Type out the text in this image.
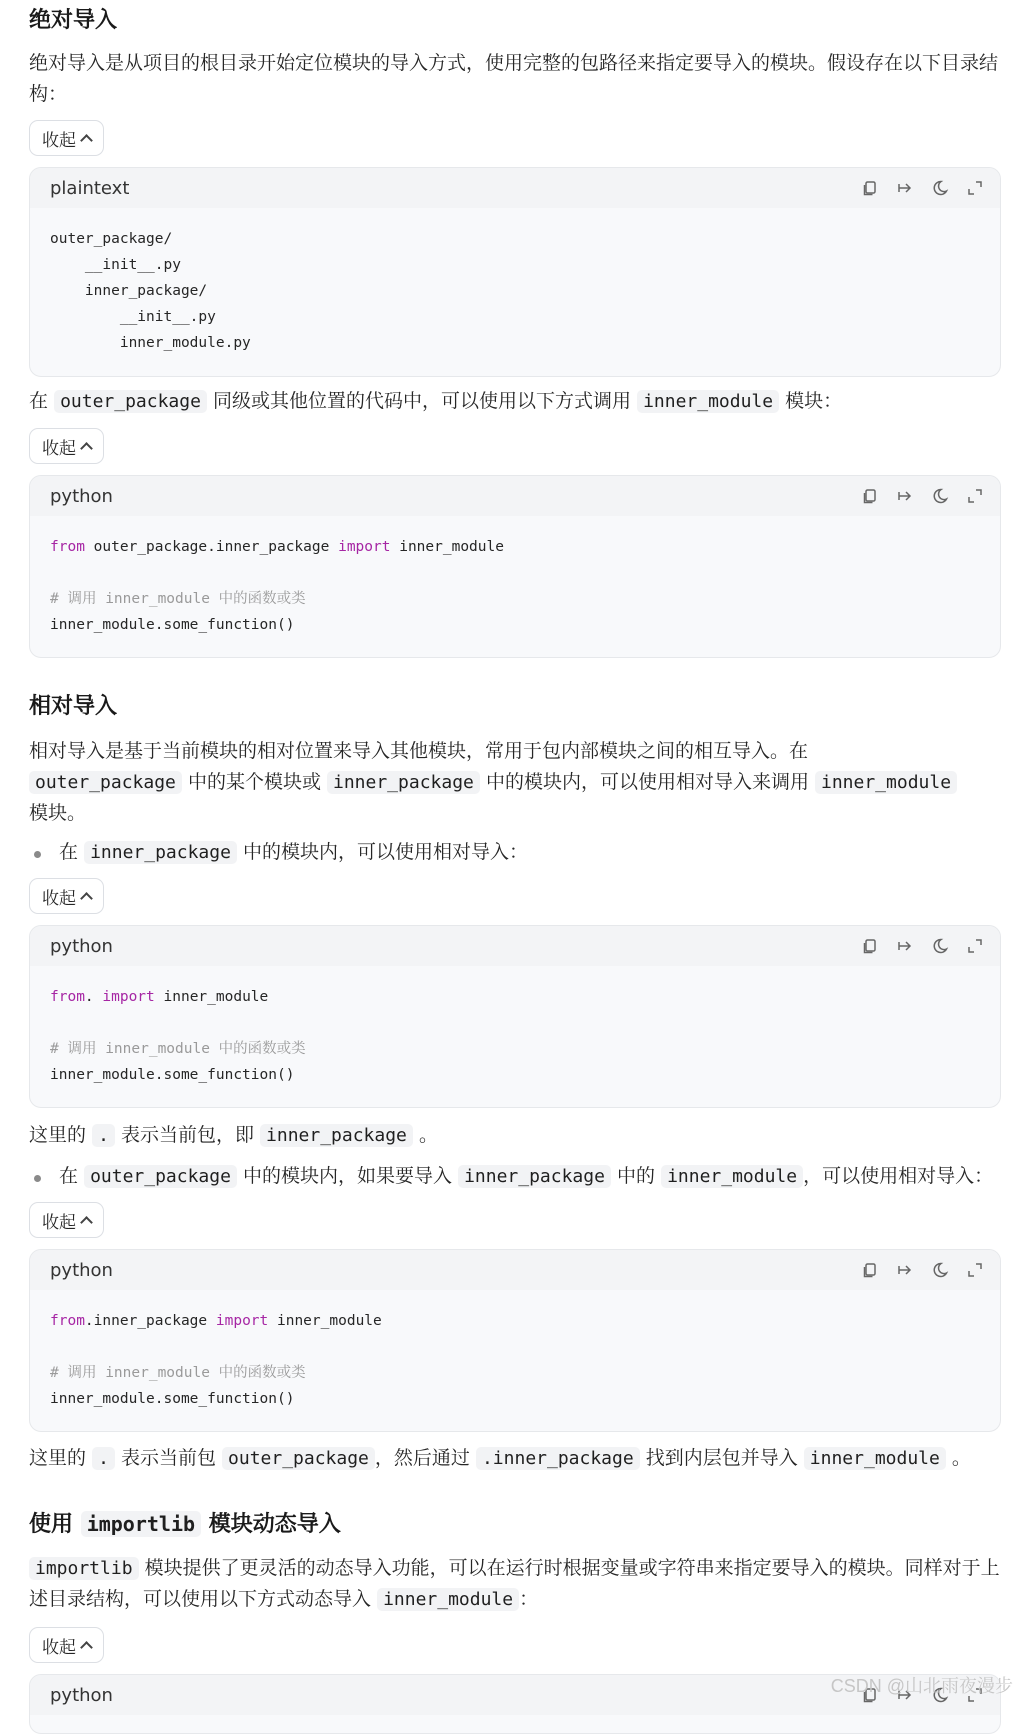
绝对导入

绝对导入是从项目的根目录开始定位模块的导入方式，使用完整的包路径来指定要导入的模块。假设存在以下目录结构：

收起
plaintext
outer_package/
__init__.py
inner_package/
__init__.py
inner_module.py

在 outer_package 同级或其他位置的代码中，可以使用以下方式调用 inner_module 模块：

收起
python
from outer_package.inner_package import inner_module

# 调用 inner_module 中的函数或类
inner_module.some_function()
相对导入

相对导入是基于当前模块的相对位置来导入其他模块，常用于包内部模块之间的相互导入。在
outer_package 中的某个模块或 inner_package 中的模块内，可以使用相对导入来调用 inner_module
模块。

在 inner_package 中的模块内，可以使用相对导入：

收起
python
from. import inner_module

# 调用 inner_module 中的函数或类
inner_module.some_function()

这里的 . 表示当前包，即 inner_package 。

在 outer_package 中的模块内，如果要导入 inner_package 中的 inner_module ，可以使用相对导入：

收起
python
from.inner_package import inner_module

# 调用 inner_module 中的函数或类
inner_module.some_function()

这里的 . 表示当前包 outer_package ，然后通过 .inner_package 找到内层包并导入 inner_module 。

使用 importlib 模块动态导入

importlib 模块提供了更灵活的动态导入功能，可以在运行时根据变量或字符串来指定要导入的模块。同样对于上述目录结构，可以使用以下方式动态导入 inner_module ：

收起
python	CSDN @山北雨夜漫步
